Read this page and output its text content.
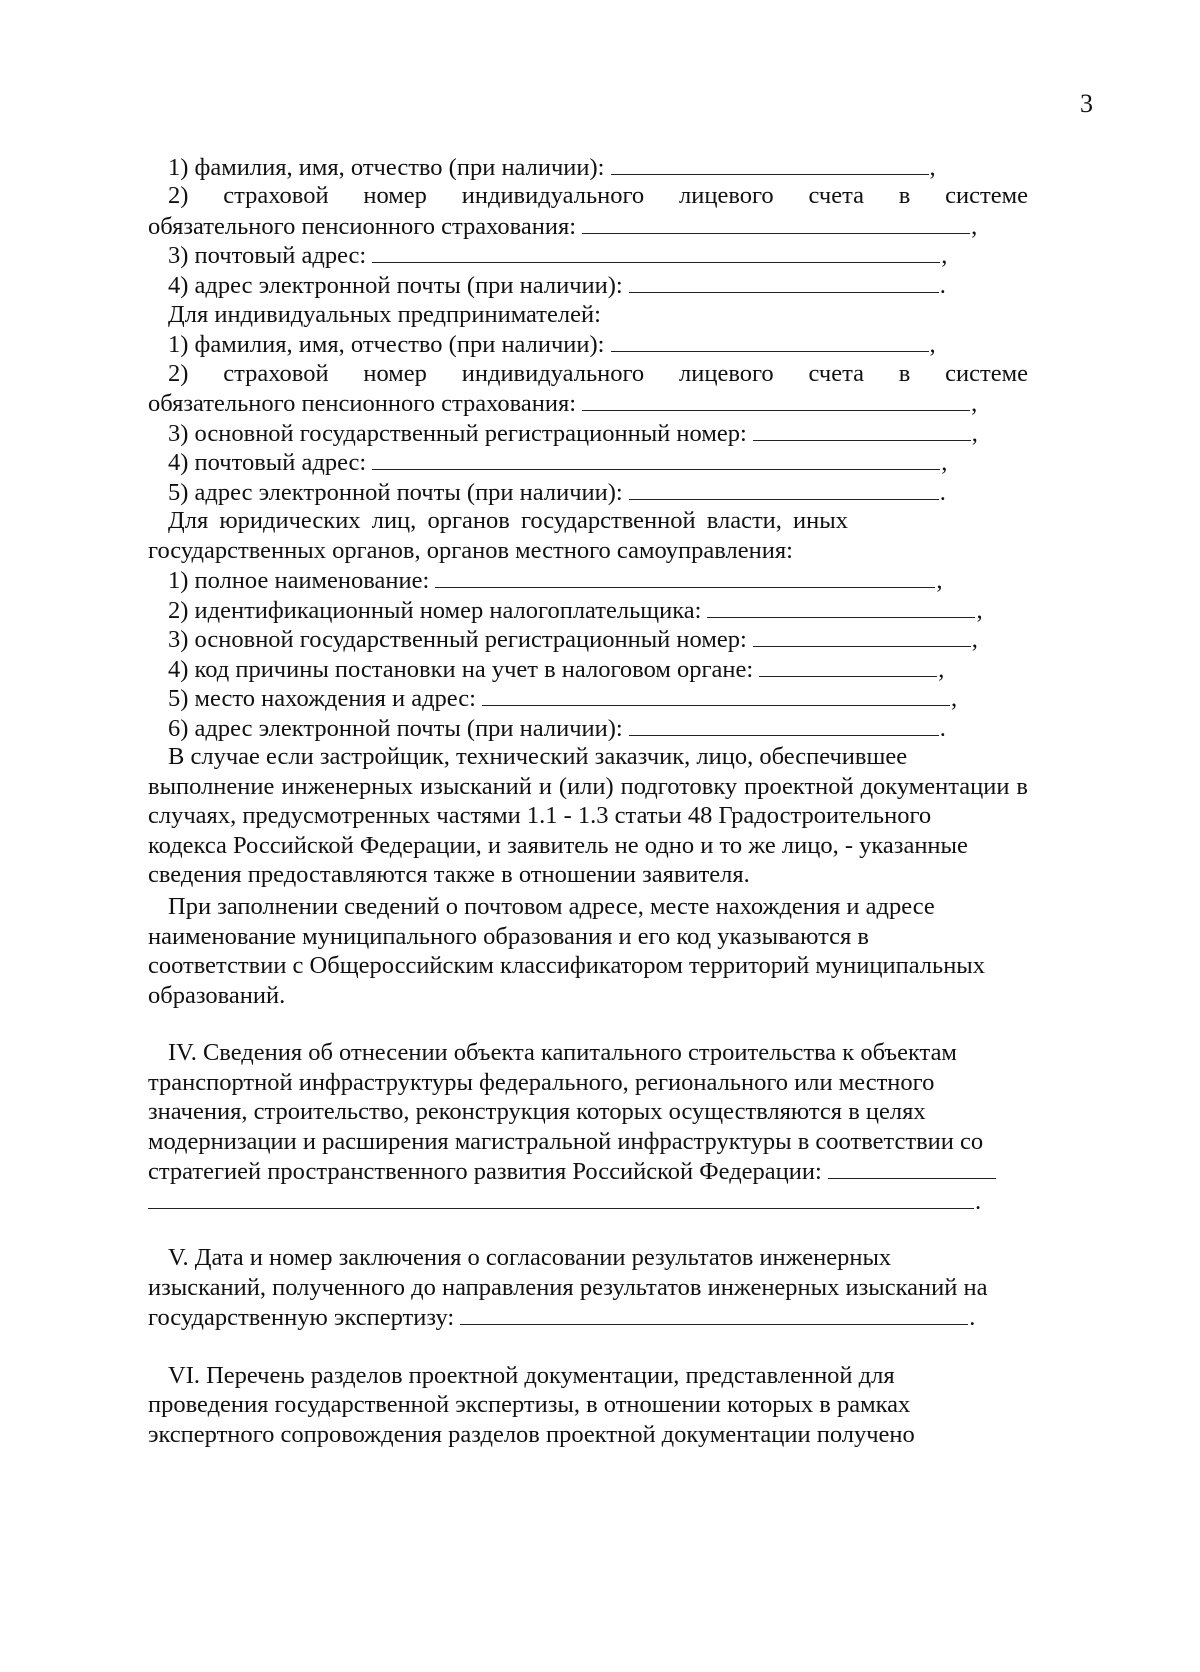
3
1) фамилия, имя, отчество (при наличии):	,
2) страховой номер индивидуального лицевого счета в системе
обязательного пенсионного страхования:	,
3) почтовый адрес:	,
4) адрес электронной почты (при наличии):	.
Для индивидуальных предпринимателей:
1) фамилия, имя, отчество (при наличии):	,
2) страховой номер индивидуального лицевого счета в системе
обязательного пенсионного страхования:	,
3) основной государственный регистрационный номер:	,
4) почтовый адрес:	,
5) адрес электронной почты (при наличии):	.
Для юридических лиц, органов государственной власти, иных
государственных органов, органов местного самоуправления:
1) полное наименование:	,
2) идентификационный номер налогоплательщика:	,
3) основной государственный регистрационный номер:	,
4) код причины постановки на учет в налоговом органе:	,
5) место нахождения и адрес:	,
6) адрес электронной почты (при наличии):	.
В случае если застройщик, технический заказчик, лицо, обеспечившее
выполнение инженерных изысканий и (или) подготовку проектной документации в
случаях, предусмотренных частями 1.1 - 1.3 статьи 48 Градостроительного
кодекса Российской Федерации, и заявитель не одно и то же лицо, - указанные
сведения предоставляются также в отношении заявителя.
При заполнении сведений о почтовом адресе, месте нахождения и адресе
наименование муниципального образования и его код указываются в
соответствии с Общероссийским классификатором территорий муниципальных
образований.
IV. Сведения об отнесении объекта капитального строительства к объектам
транспортной инфраструктуры федерального, регионального или местного
значения, строительство, реконструкция которых осуществляются в целях
модернизации и расширения магистральной инфраструктуры в соответствии со
стратегией пространственного развития Российской Федерации:
.
V. Дата и номер заключения о согласовании результатов инженерных
изысканий, полученного до направления результатов инженерных изысканий на
государственную экспертизу:	.
VI. Перечень разделов проектной документации, представленной для
проведения государственной экспертизы, в отношении которых в рамках
экспертного сопровождения разделов проектной документации получено
